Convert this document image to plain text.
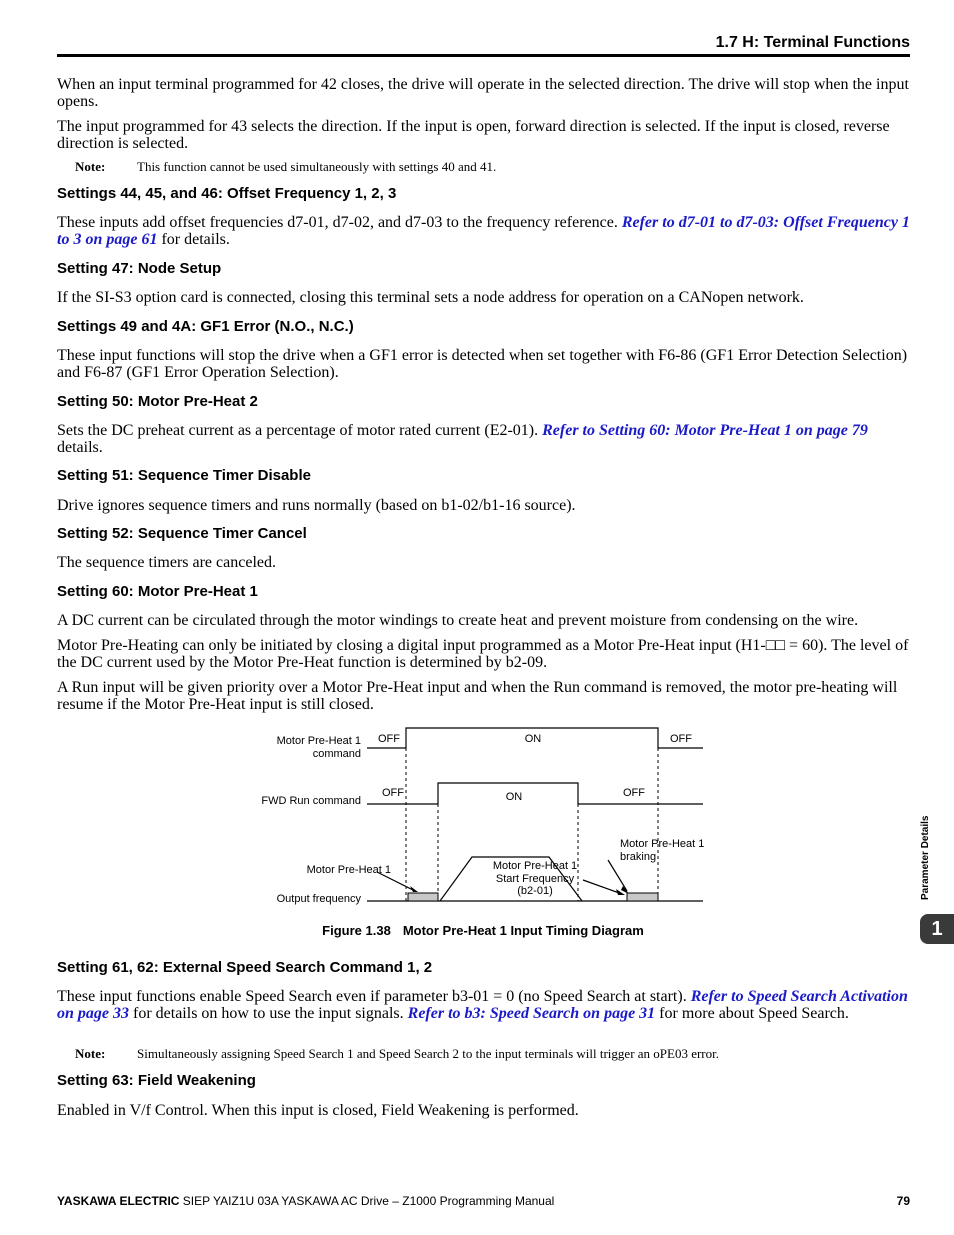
1.7 H: Terminal Functions

When an input terminal programmed for 42 closes, the drive will operate in the selected direction. The drive will stop when the input opens.

The input programmed for 43 selects the direction. If the input is open, forward direction is selected. If the input is closed, reverse direction is selected.

Note: This function cannot be used simultaneously with settings 40 and 41.

Settings 44, 45, and 46: Offset Frequency 1, 2, 3

These inputs add offset frequencies d7-01, d7-02, and d7-03 to the frequency reference. Refer to d7-01 to d7-03: Offset Frequency 1 to 3 on page 61 for details.

Setting 47: Node Setup

If the SI-S3 option card is connected, closing this terminal sets a node address for operation on a CANopen network.

Settings 49 and 4A: GF1 Error (N.O., N.C.)

These input functions will stop the drive when a GF1 error is detected when set together with F6-86 (GF1 Error Detection Selection) and F6-87 (GF1 Error Operation Selection).

Setting 50: Motor Pre-Heat 2

Sets the DC preheat current as a percentage of motor rated current (E2-01). Refer to Setting 60: Motor Pre-Heat 1 on page 79 details.

Setting 51: Sequence Timer Disable

Drive ignores sequence timers and runs normally (based on b1-02/b1-16 source).

Setting 52: Sequence Timer Cancel

The sequence timers are canceled.

Setting 60: Motor Pre-Heat 1

A DC current can be circulated through the motor windings to create heat and prevent moisture from condensing on the wire.

Motor Pre-Heating can only be initiated by closing a digital input programmed as a Motor Pre-Heat input (H1-□□ = 60). The level of the DC current used by the Motor Pre-Heat function is determined by b2-09.

A Run input will be given priority over a Motor Pre-Heat input and when the Run command is removed, the motor pre-heating will resume if the Motor Pre-Heat input is still closed.

Motor Pre-Heat 1
command
OFF	ON	OFF
FWD Run command
OFF	ON	OFF
Motor Pre-Heat 1
Output frequency
Motor Pre-Heat 1
Start Frequency
(b2-01)
Motor Pre-Heat 1
braking
Figure 1.38 Motor Pre-Heat 1 Input Timing Diagram
Setting 61, 62: External Speed Search Command 1, 2

These input functions enable Speed Search even if parameter b3-01 = 0 (no Speed Search at start). Refer to Speed Search Activation on page 33 for details on how to use the input signals. Refer to b3: Speed Search on page 31 for more about Speed Search.

Note: Simultaneously assigning Speed Search 1 and Speed Search 2 to the input terminals will trigger an oPE03 error.

Setting 63: Field Weakening

Enabled in V/f Control. When this input is closed, Field Weakening is performed.

Parameter Details
1
YASKAWA ELECTRIC SIEP YAIZ1U 03A YASKAWA AC Drive – Z1000 Programming Manual	79
